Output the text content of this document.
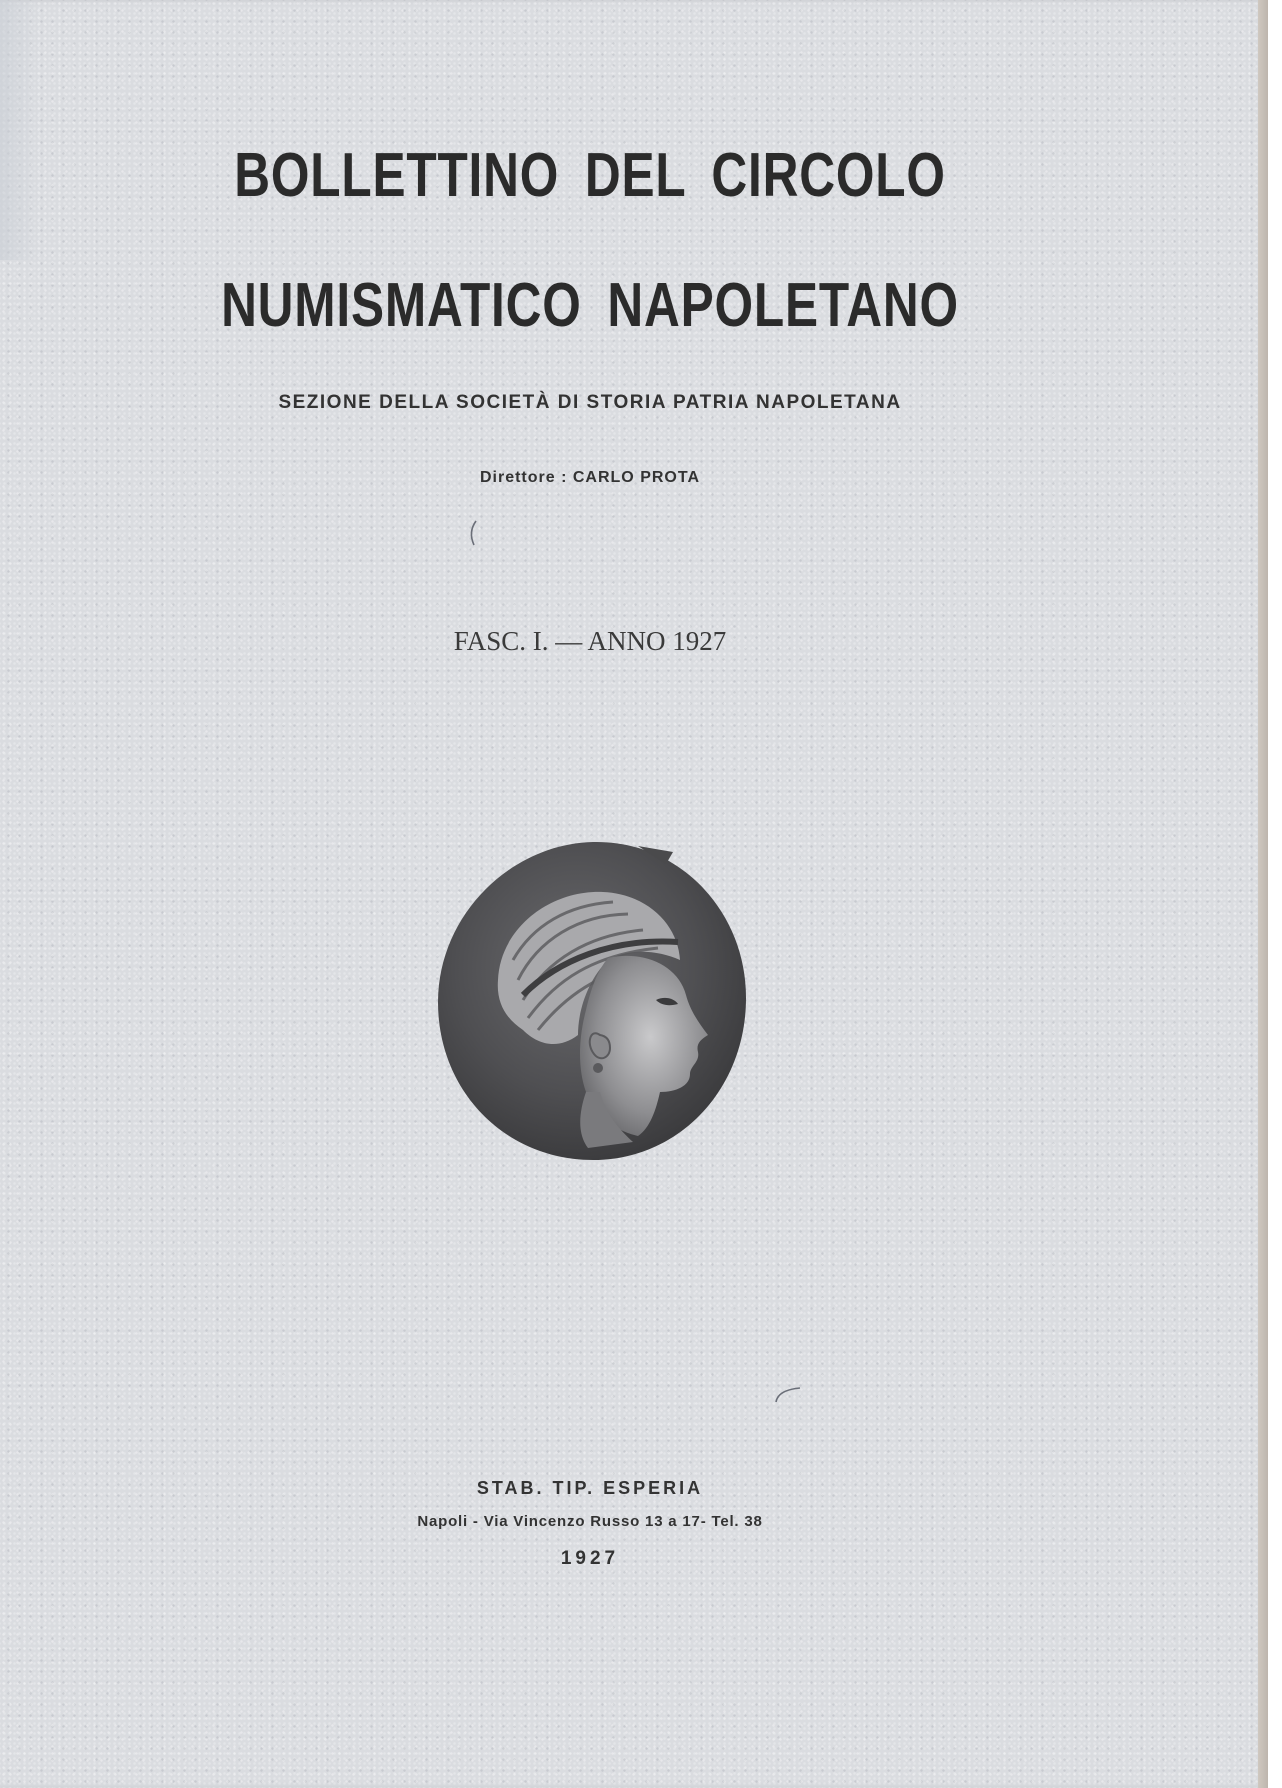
BOLLETTINO DEL CIRCOLO
NUMISMATICO NAPOLETANO
SEZIONE DELLA SOCIETÀ DI STORIA PATRIA NAPOLETANA
Direttore : CARLO PROTA
FASC. I. — ANNO 1927
STAB. TIP. ESPERIA
Napoli - Via Vincenzo Russo 13 a 17- Tel. 38
1927
